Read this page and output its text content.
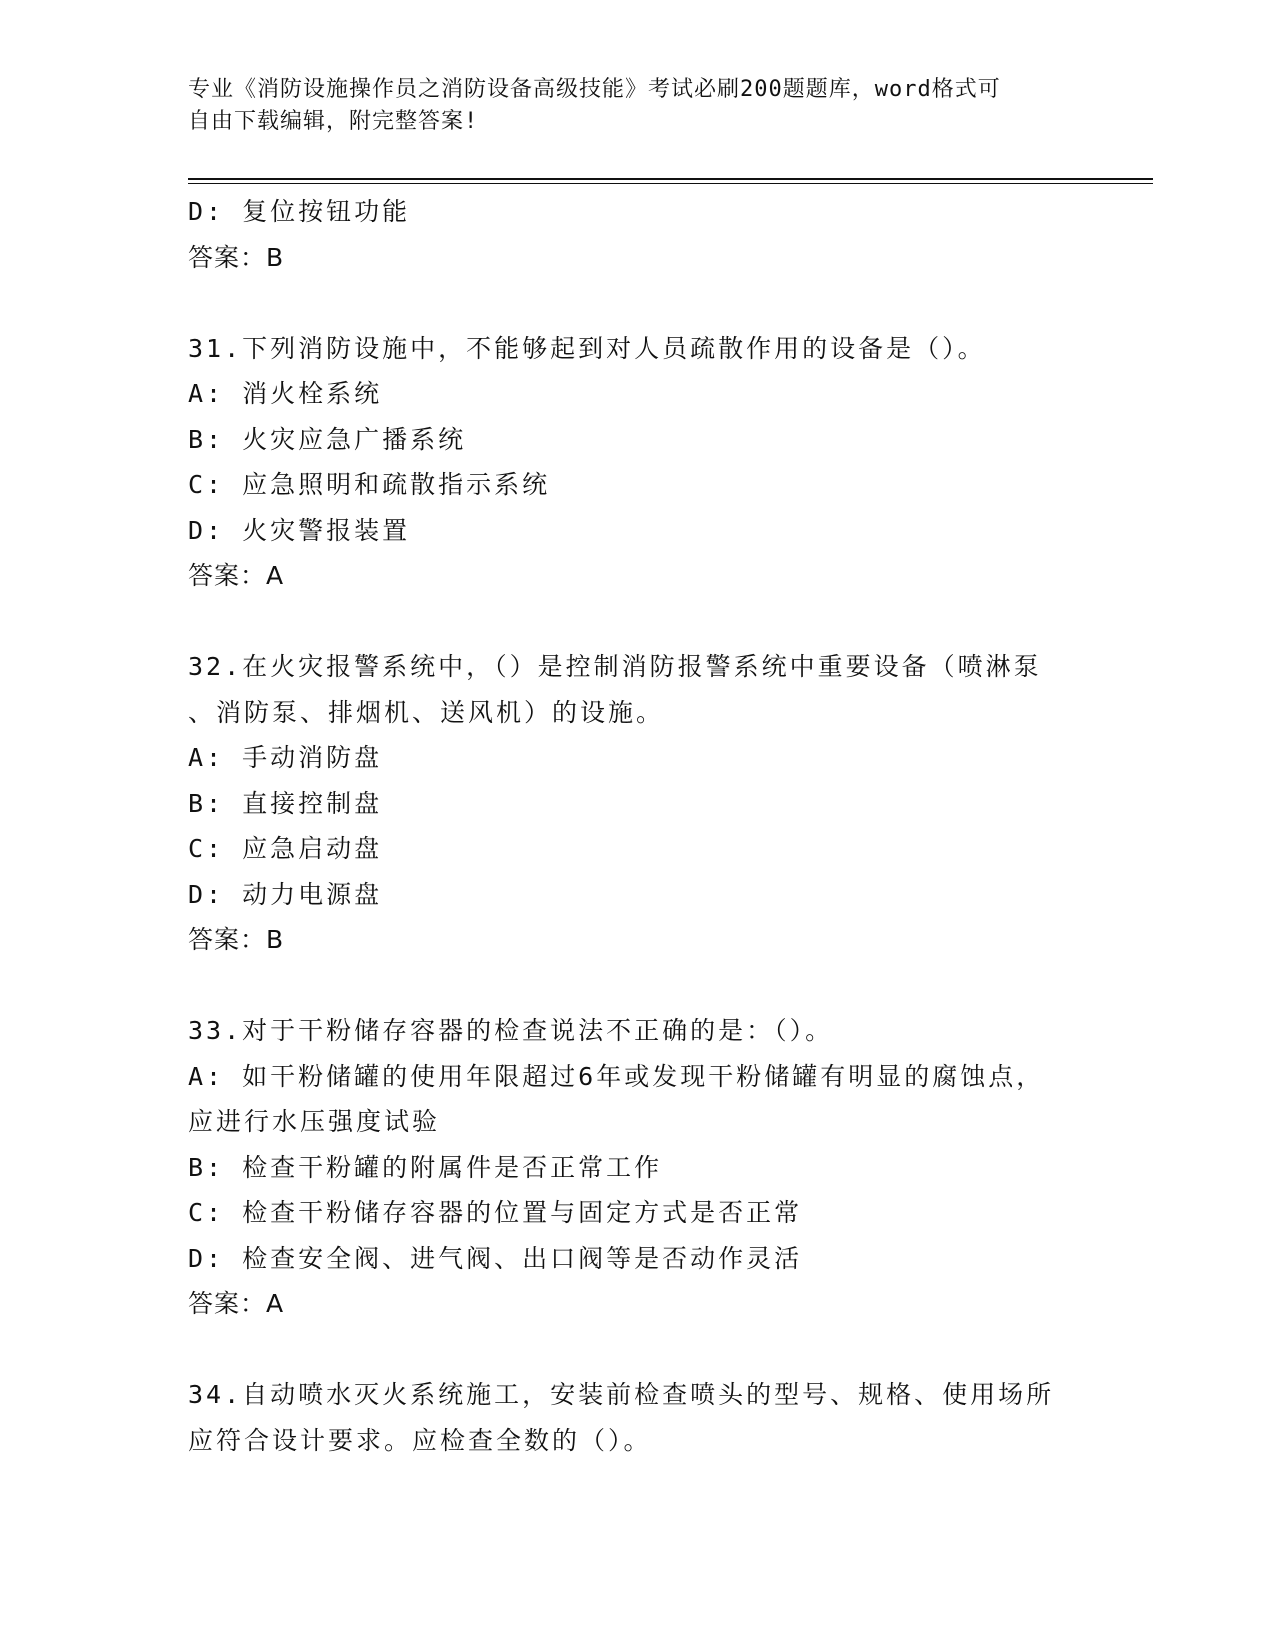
专业《消防设施操作员之消防设备高级技能》考试必刷200题题库，word格式可
自由下载编辑，附完整答案!
D: 复位按钮功能
答案：B
31.下列消防设施中，不能够起到对人员疏散作用的设备是（）。
A: 消火栓系统
B: 火灾应急广播系统
C: 应急照明和疏散指示系统
D: 火灾警报装置
答案：A
32.在火灾报警系统中，（）是控制消防报警系统中重要设备（喷淋泵
、消防泵、排烟机、送风机）的设施。
A: 手动消防盘
B: 直接控制盘
C: 应急启动盘
D: 动力电源盘
答案：B
33.对于干粉储存容器的检查说法不正确的是：（）。
A: 如干粉储罐的使用年限超过6年或发现干粉储罐有明显的腐蚀点，
应进行水压强度试验
B: 检查干粉罐的附属件是否正常工作
C: 检查干粉储存容器的位置与固定方式是否正常
D: 检查安全阀、进气阀、出口阀等是否动作灵活
答案：A
34.自动喷水灭火系统施工，安装前检查喷头的型号、规格、使用场所
应符合设计要求。应检查全数的（）。
